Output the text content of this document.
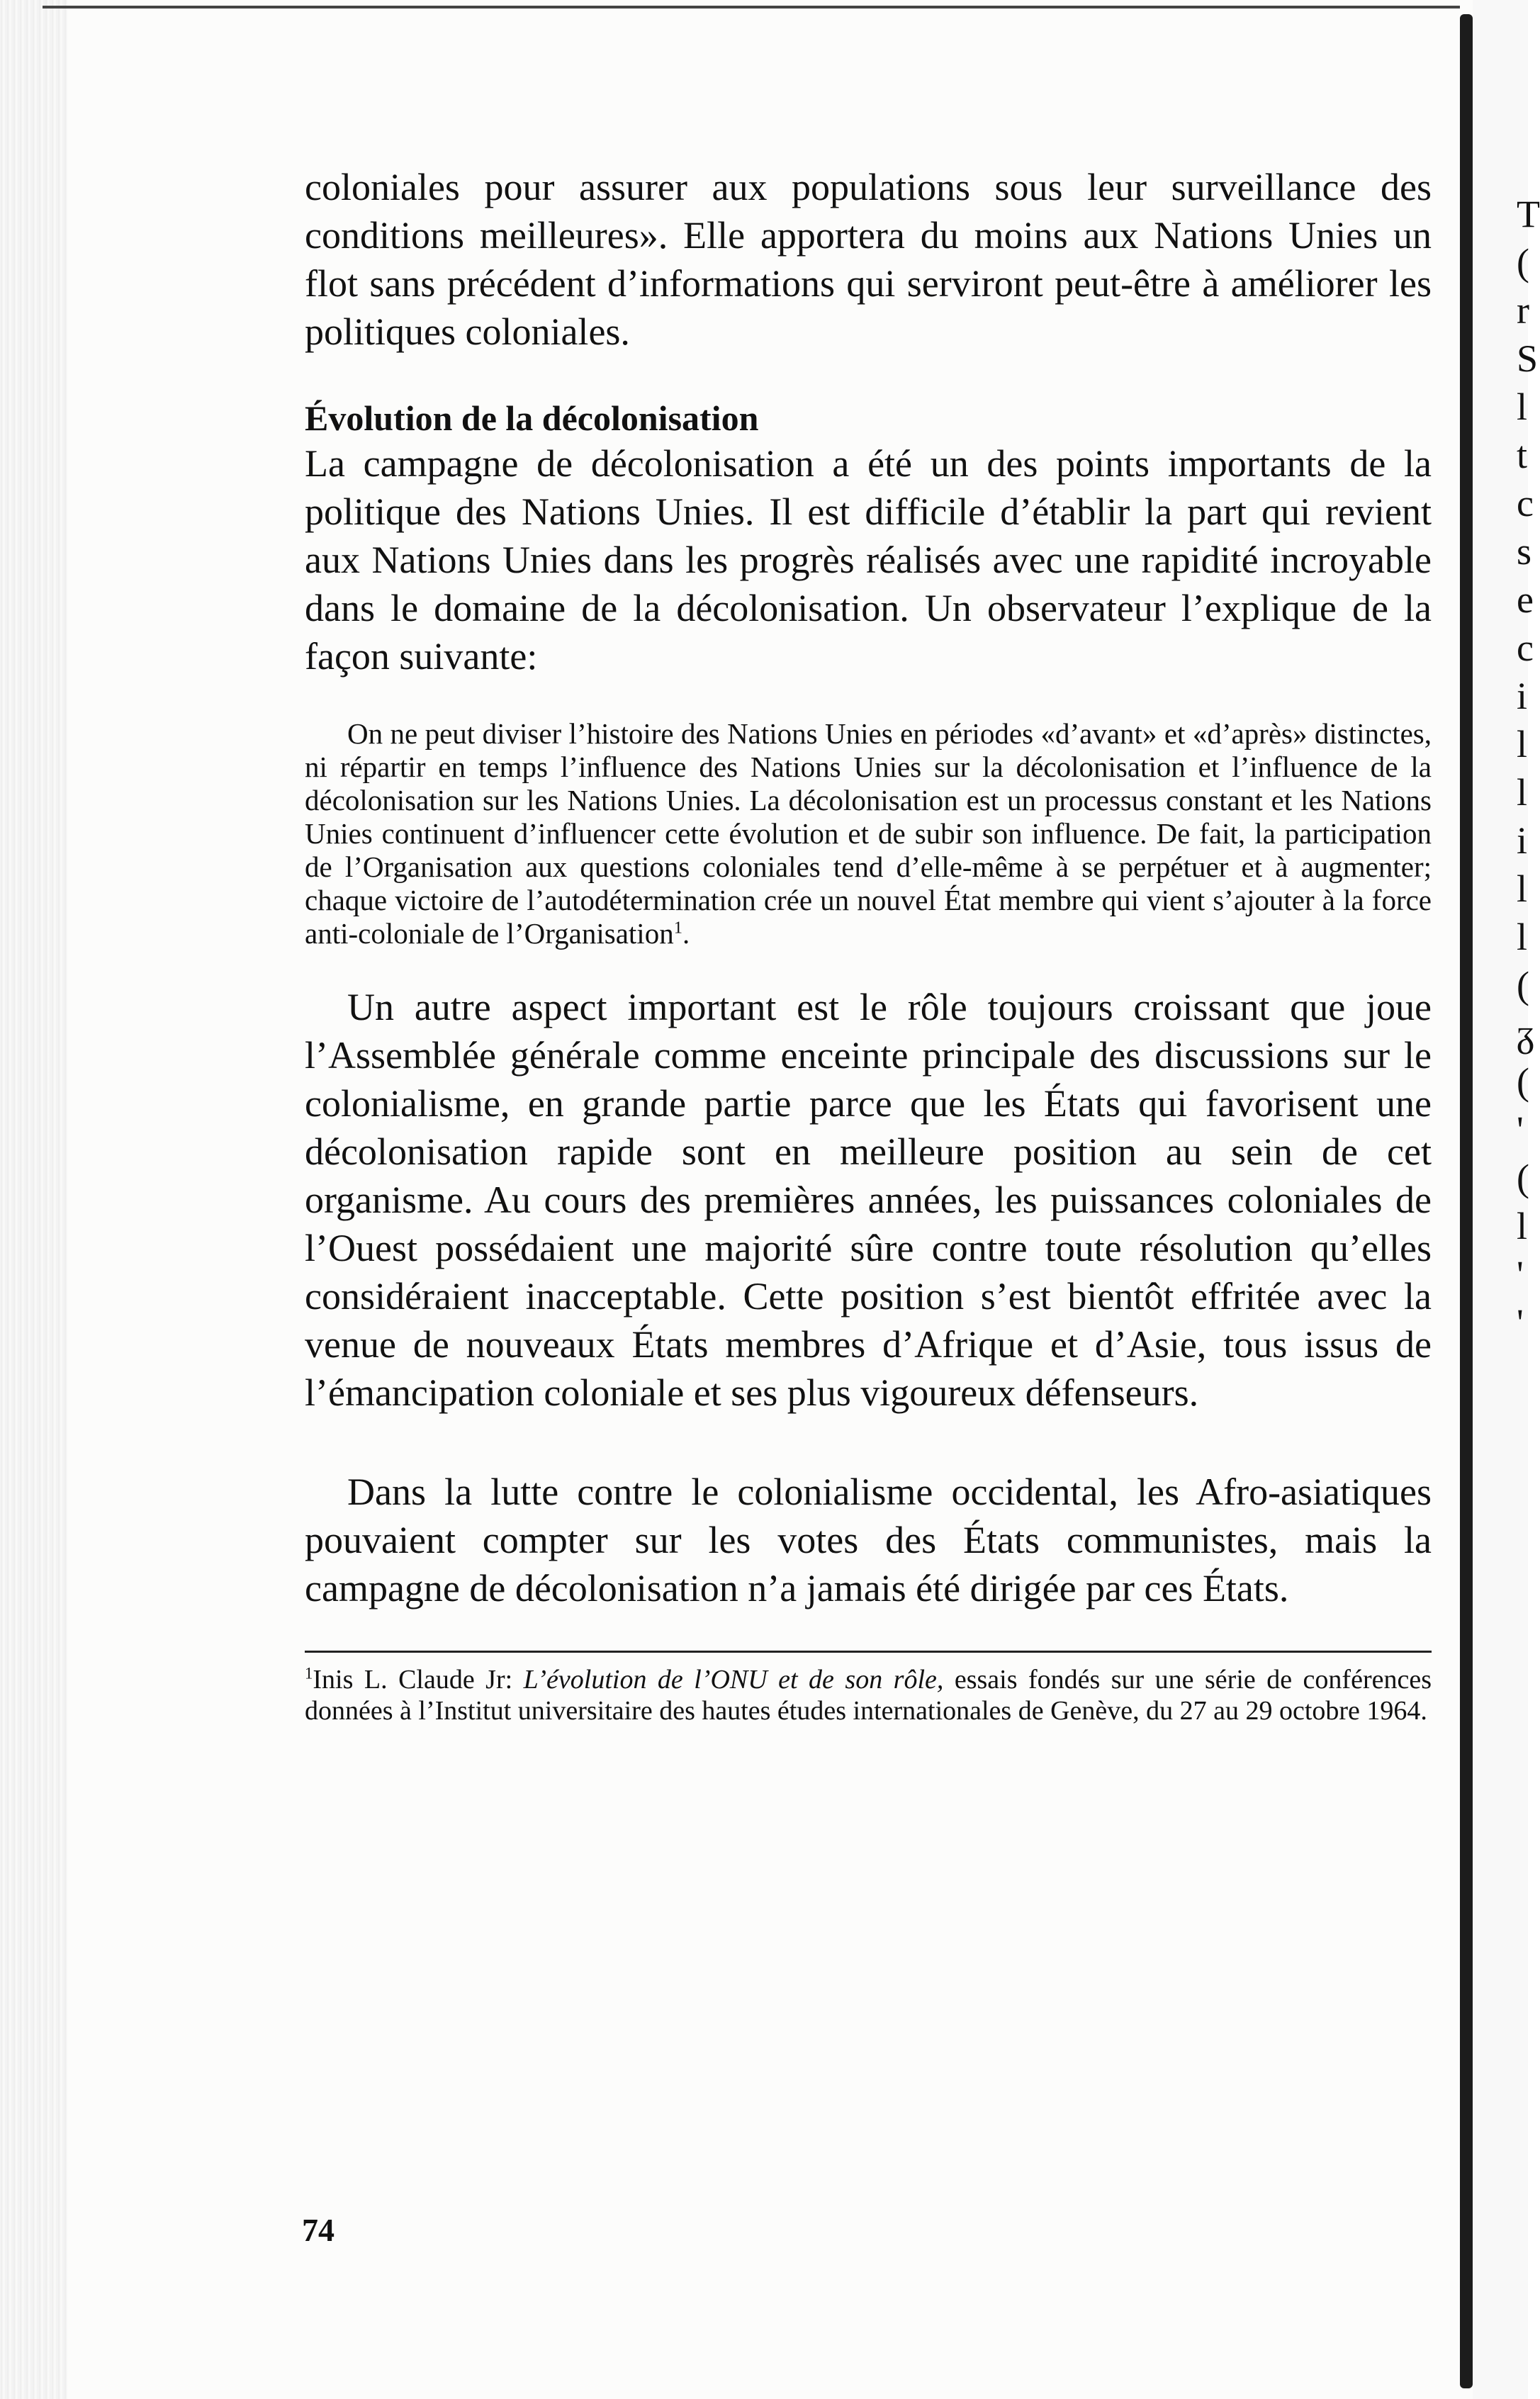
T
(
r
S
l
t
c
s
e
c
i
l
l
i
l
l
(
ᵹ
(
'
(
l
'
'

coloniales pour assurer aux populations sous leur surveillance des conditions meilleures». Elle apportera du moins aux Nations Unies un flot sans précédent d’informations qui serviront peut-être à améliorer les politiques coloniales.

Évolution de la décolonisation

La campagne de décolonisation a été un des points importants de la politique des Nations Unies. Il est difficile d’établir la part qui revient aux Nations Unies dans les progrès réalisés avec une rapidité incroyable dans le domaine de la décolonisation. Un observateur l’explique de la façon suivante:

On ne peut diviser l’histoire des Nations Unies en périodes «d’avant» et «d’après» distinctes, ni répartir en temps l’influence des Nations Unies sur la décolonisation et l’influence de la décolonisation sur les Nations Unies. La décolonisation est un processus constant et les Nations Unies continuent d’influencer cette évolution et de subir son influence. De fait, la participation de l’Organisation aux questions coloniales tend d’elle-même à se perpétuer et à augmenter; chaque victoire de l’autodétermination crée un nouvel État membre qui vient s’ajouter à la force anti-coloniale de l’Organisation$^1$.

Un autre aspect important est le rôle toujours croissant que joue l’Assemblée générale comme enceinte principale des discussions sur le colonialisme, en grande partie parce que les États qui favorisent une décolonisation rapide sont en meilleure position au sein de cet organisme. Au cours des premières années, les puissances coloniales de l’Ouest possédaient une majorité sûre contre toute résolution qu’elles considéraient inacceptable. Cette position s’est bientôt effritée avec la venue de nouveaux États membres d’Afrique et d’Asie, tous issus de l’émancipation coloniale et ses plus vigoureux défenseurs.

Dans la lutte contre le colonialisme occidental, les Afro-asiatiques pouvaient compter sur les votes des États communistes, mais la campagne de décolonisation n’a jamais été dirigée par ces États.

$^1$Inis L. Claude Jr: L’évolution de l’ONU et de son rôle, essais fondés sur une série de conférences données à l’Institut universitaire des hautes études internationales de Genève, du 27 au 29 octobre 1964.

74
